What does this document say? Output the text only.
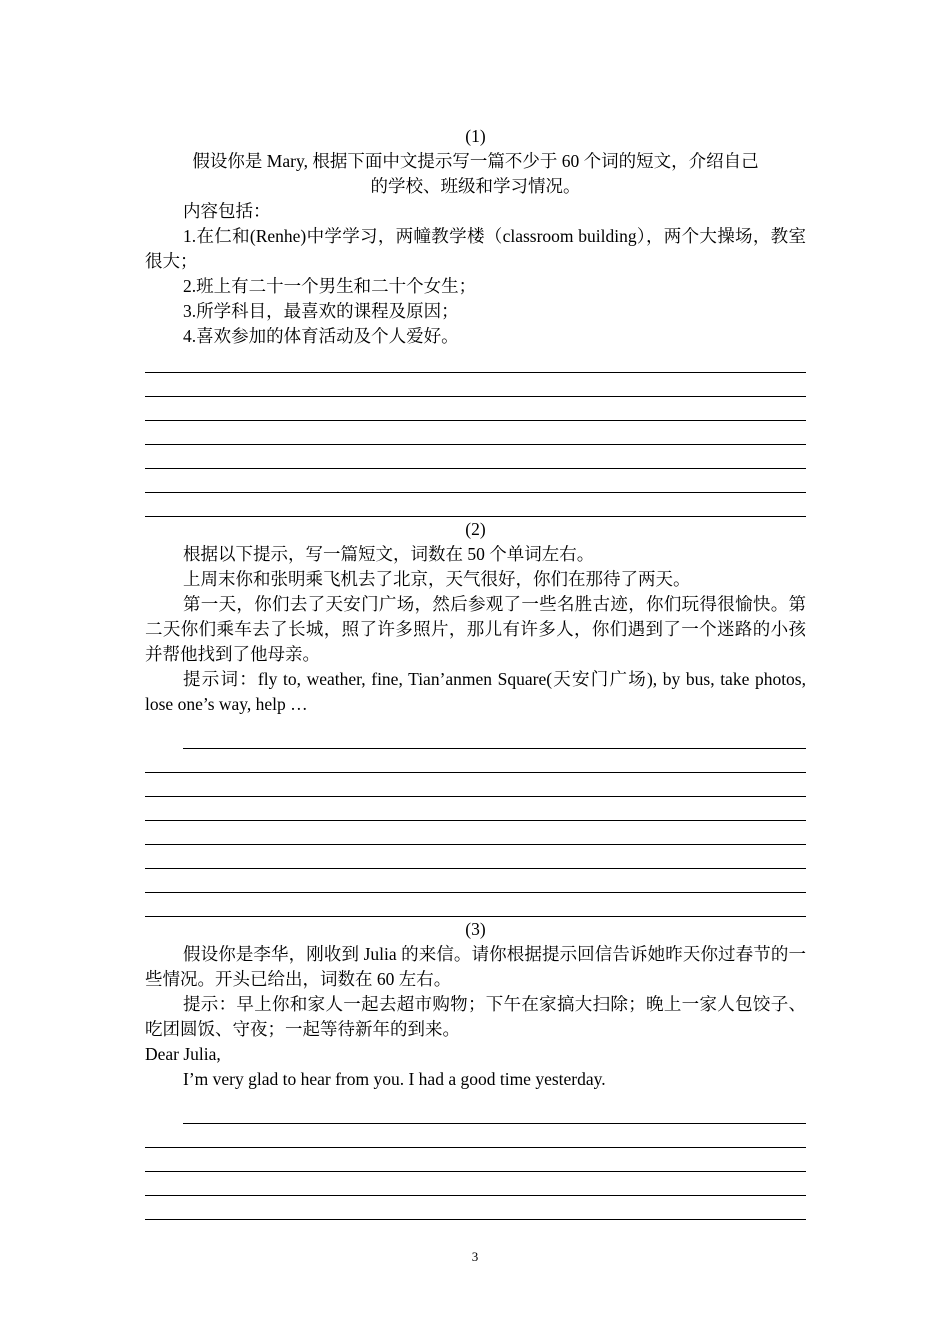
(1)

假设你是 Mary, 根据下面中文提示写一篇不少于 60 个词的短文，介绍自己
的学校、班级和学习情况。

内容包括：

1.在仁和(Renhe)中学学习，两幢教学楼（classroom building），两个大操场，教室很大；

2.班上有二十一个男生和二十个女生；

3.所学科目，最喜欢的课程及原因；

4.喜欢参加的体育活动及个人爱好。

(2)

根据以下提示，写一篇短文，词数在 50 个单词左右。

上周末你和张明乘飞机去了北京，天气很好，你们在那待了两天。

第一天，你们去了天安门广场，然后参观了一些名胜古迹，你们玩得很愉快。第二天你们乘车去了长城，照了许多照片，那儿有许多人，你们遇到了一个迷路的小孩并帮他找到了他母亲。

提示词：fly to, weather, fine, Tian’anmen Square(天安门广场), by bus, take photos, lose one’s way, help …

(3)

假设你是李华，刚收到 Julia 的来信。请你根据提示回信告诉她昨天你过春节的一些情况。开头已给出，词数在 60 左右。

提示：早上你和家人一起去超市购物；下午在家搞大扫除；晚上一家人包饺子、吃团圆饭、守夜；一起等待新年的到来。

Dear Julia,

I’m very glad to hear from you. I had a good time yesterday.

3
